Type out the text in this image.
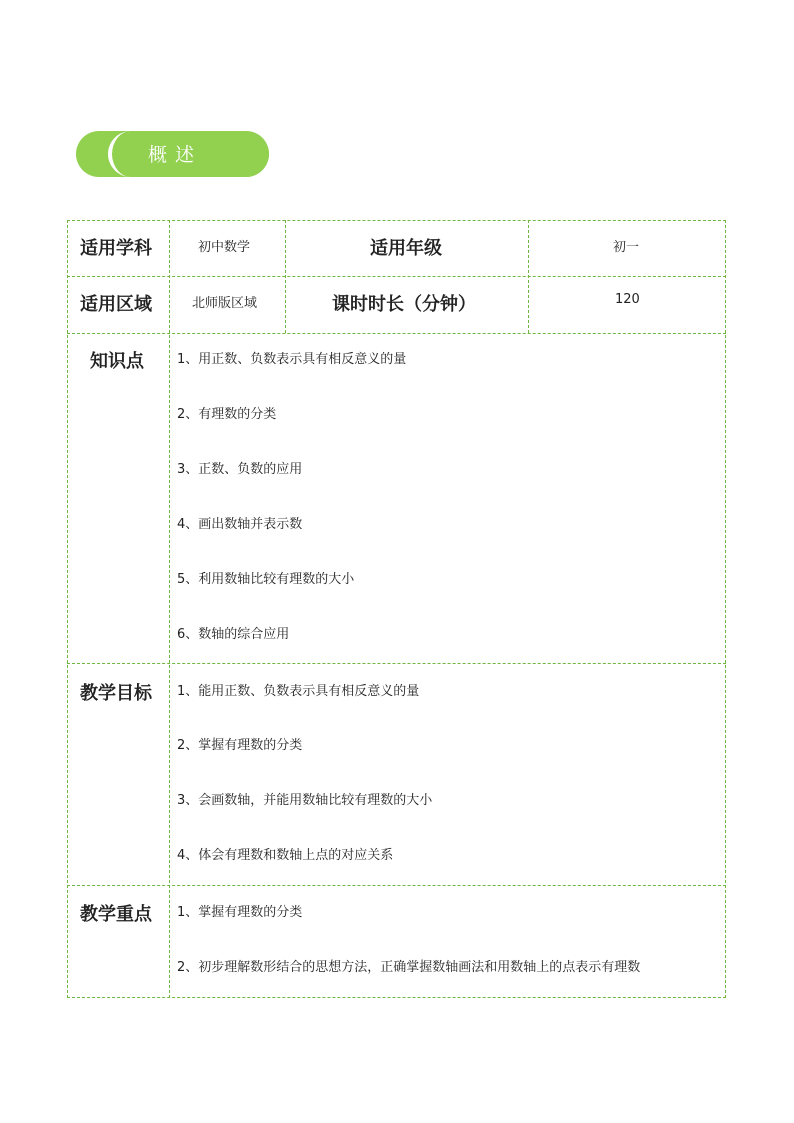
概述
适用学科	初中数学	适用年级	初一
适用区域	北师版区域	课时时长（分钟）	120
知识点	1、用正数、负数表示具有相反意义的量
2、有理数的分类
3、正数、负数的应用
4、画出数轴并表示数
5、利用数轴比较有理数的大小
6、数轴的综合应用
教学目标 1、能用正数、负数表示具有相反意义的量
2、掌握有理数的分类
3、会画数轴，并能用数轴比较有理数的大小
4、体会有理数和数轴上点的对应关系
教学重点 1、掌握有理数的分类
2、初步理解数形结合的思想方法，正确掌握数轴画法和用数轴上的点表示有理数
